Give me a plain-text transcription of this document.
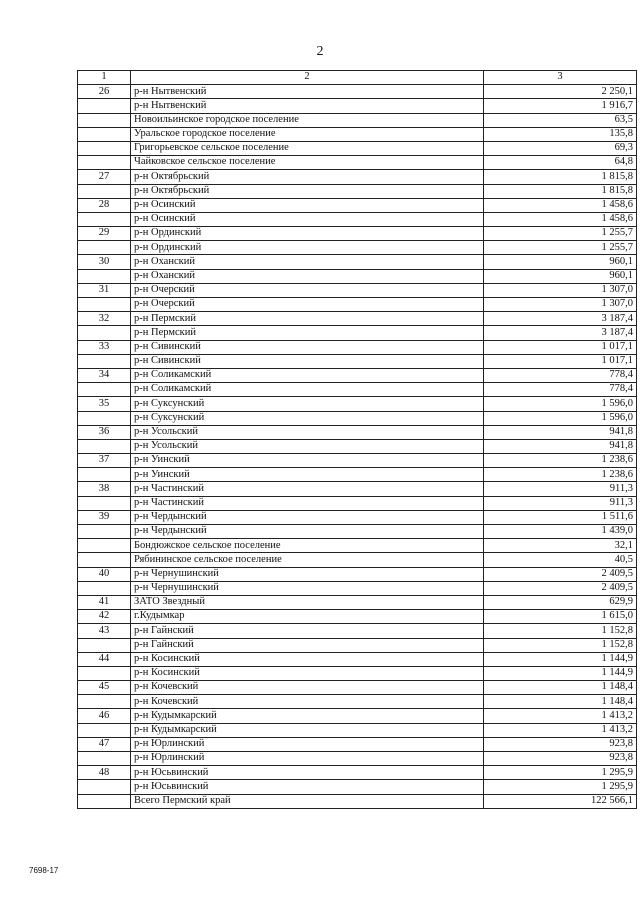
2
1	2	3
26	р-н Нытвенский	2 250,1
	р-н Нытвенский	1 916,7
	Новоильинское городское поселение	63,5
	Уральское городское поселение	135,8
	Григорьевское сельское поселение	69,3
	Чайковское сельское поселение	64,8
27	р-н Октябрьский	1 815,8
	р-н Октябрьский	1 815,8
28	р-н Осинский	1 458,6
	р-н Осинский	1 458,6
29	р-н Ординский	1 255,7
	р-н Ординский	1 255,7
30	р-н Оханский	960,1
	р-н Оханский	960,1
31	р-н Очерский	1 307,0
	р-н Очерский	1 307,0
32	р-н Пермский	3 187,4
	р-н Пермский	3 187,4
33	р-н Сивинский	1 017,1
	р-н Сивинский	1 017,1
34	р-н Соликамский	778,4
	р-н Соликамский	778,4
35	р-н Суксунский	1 596,0
	р-н Суксунский	1 596,0
36	р-н Усольский	941,8
	р-н Усольский	941,8
37	р-н Уинский	1 238,6
	р-н Уинский	1 238,6
38	р-н Частинский	911,3
	р-н Частинский	911,3
39	р-н Чердынский	1 511,6
	р-н Чердынский	1 439,0
	Бондюжское сельское поселение	32,1
	Рябининское сельское поселение	40,5
40	р-н Чернушинский	2 409,5
	р-н Чернушинский	2 409,5
41	ЗАТО Звездный	629,9
42	г.Кудымкар	1 615,0
43	р-н Гайнский	1 152,8
	р-н Гайнский	1 152,8
44	р-н Косинский	1 144,9
	р-н Косинский	1 144,9
45	р-н Кочевский	1 148,4
	р-н Кочевский	1 148,4
46	р-н Кудымкарский	1 413,2
	р-н Кудымкарский	1 413,2
47	р-н Юрлинский	923,8
	р-н Юрлинский	923,8
48	р-н Юсьвинский	1 295,9
	р-н Юсьвинский	1 295,9
	Всего Пермский край	122 566,1
7698-17
